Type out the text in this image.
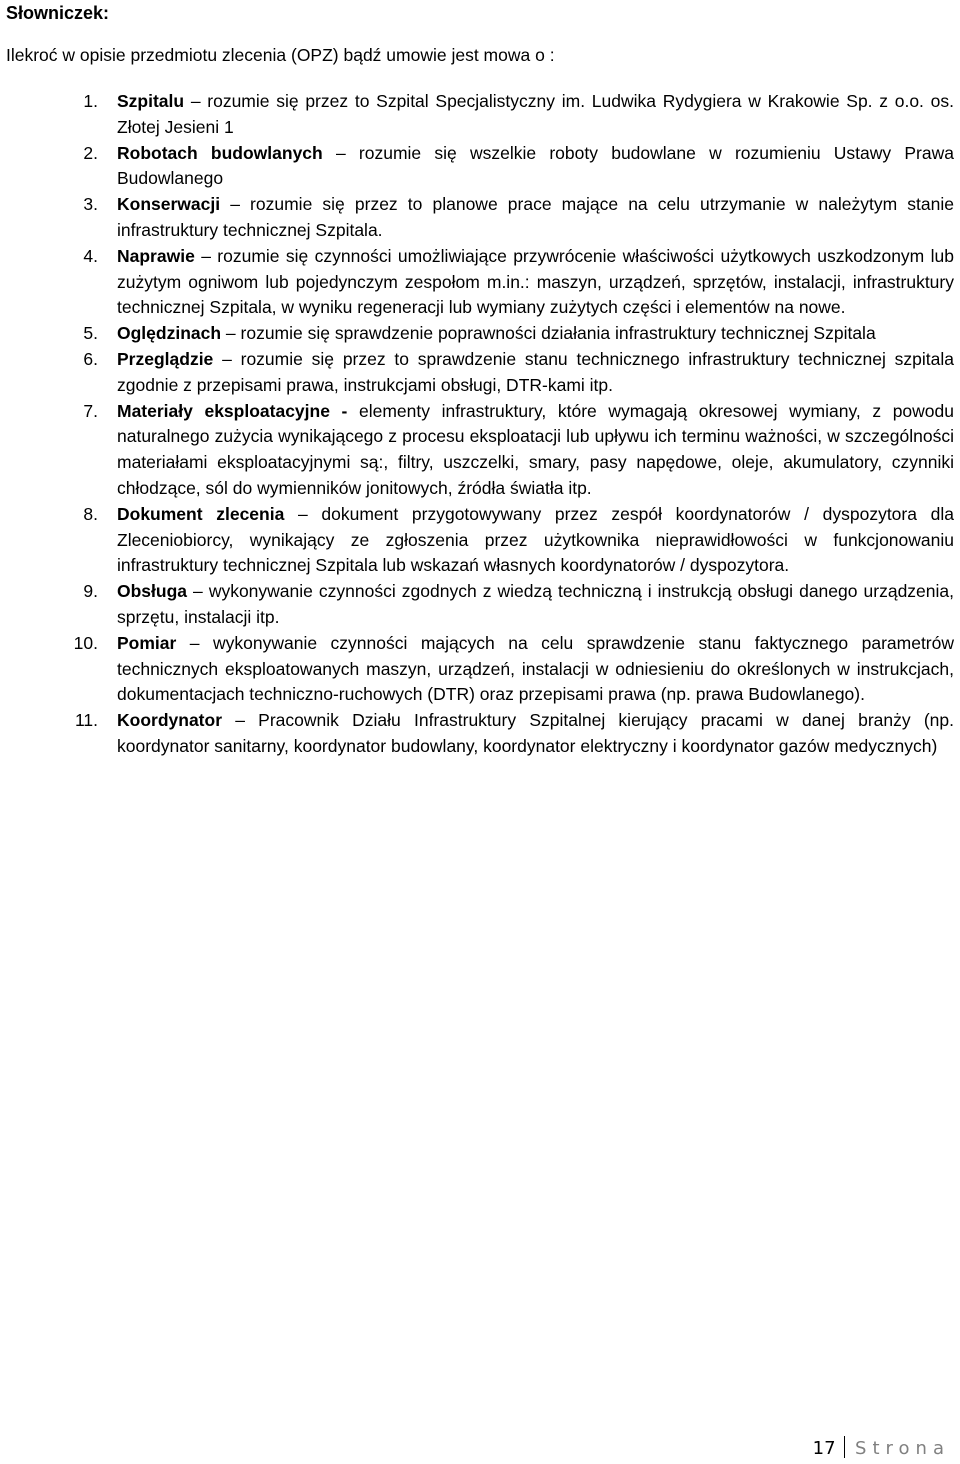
Słowniczek:

Ilekroć w opisie przedmiotu zlecenia (OPZ) bądź umowie jest mowa o :

1. Szpitalu – rozumie się przez to Szpital Specjalistyczny im. Ludwika Rydygiera w Krakowie Sp. z o.o. os. Złotej Jesieni 1
2. Robotach budowlanych – rozumie się wszelkie roboty budowlane w rozumieniu Ustawy Prawa Budowlanego
3. Konserwacji – rozumie się przez to planowe prace mające na celu utrzymanie w należytym stanie infrastruktury technicznej Szpitala.
4. Naprawie – rozumie się czynności umożliwiające przywrócenie właściwości użytkowych uszkodzonym lub zużytym ogniwom lub pojedynczym zespołom m.in.: maszyn, urządzeń, sprzętów, instalacji, infrastruktury technicznej Szpitala, w wyniku regeneracji lub wymiany zużytych części i elementów na nowe.
5. Oględzinach – rozumie się sprawdzenie poprawności działania infrastruktury technicznej Szpitala
6. Przeglądzie – rozumie się przez to sprawdzenie stanu technicznego infrastruktury technicznej szpitala zgodnie z przepisami prawa, instrukcjami obsługi, DTR-kami itp.
7. Materiały eksploatacyjne - elementy infrastruktury, które wymagają okresowej wymiany, z powodu naturalnego zużycia wynikającego z procesu eksploatacji lub upływu ich terminu ważności, w szczególności materiałami eksploatacyjnymi są:, filtry, uszczelki, smary, pasy napędowe, oleje, akumulatory, czynniki chłodzące, sól do wymienników jonitowych, źródła światła itp.
8. Dokument zlecenia – dokument przygotowywany przez zespół koordynatorów / dyspozytora dla Zleceniobiorcy, wynikający ze zgłoszenia przez użytkownika nieprawidłowości w funkcjonowaniu infrastruktury technicznej Szpitala lub wskazań własnych koordynatorów / dyspozytora.
9. Obsługa – wykonywanie czynności zgodnych z wiedzą techniczną i instrukcją obsługi danego urządzenia, sprzętu, instalacji itp.
10. Pomiar – wykonywanie czynności mających na celu sprawdzenie stanu faktycznego parametrów technicznych eksploatowanych maszyn, urządzeń, instalacji w odniesieniu do określonych w instrukcjach, dokumentacjach techniczno-ruchowych (DTR) oraz przepisami prawa (np. prawa Budowlanego).
11. Koordynator – Pracownik Działu Infrastruktury Szpitalnej kierujący pracami w danej branży (np. koordynator sanitarny, koordynator budowlany, koordynator elektryczny i koordynator gazów medycznych)
17 Strona
